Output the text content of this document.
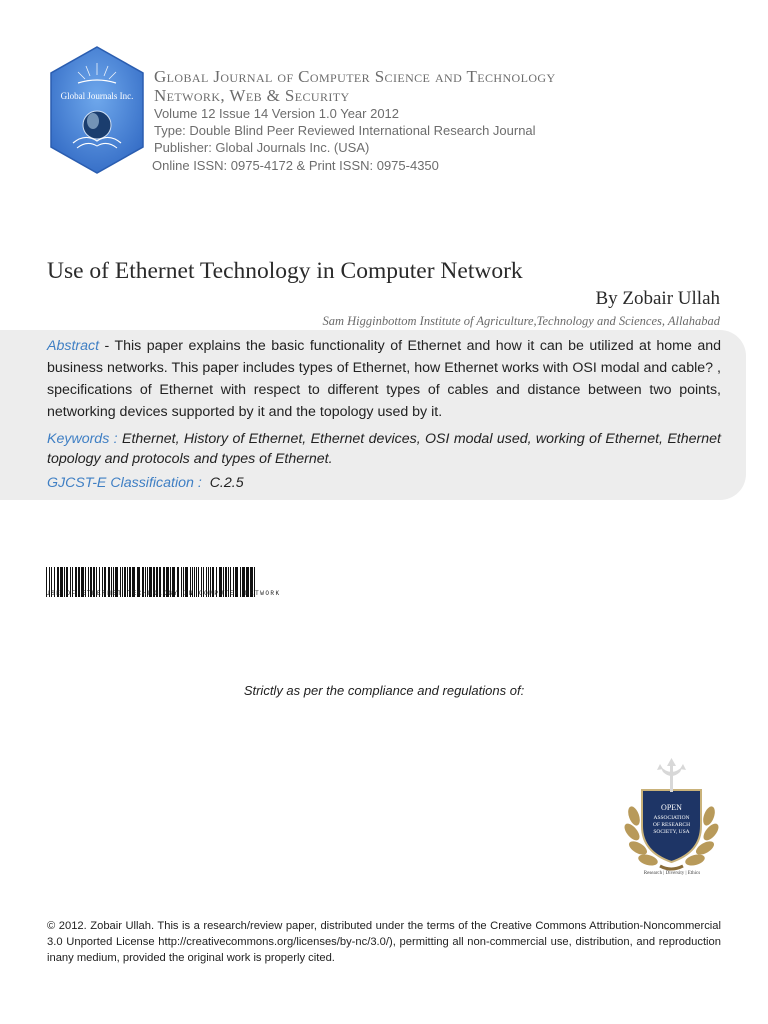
Global Journals Inc.
Global Journal of Computer Science and Technology
Network, Web & Security
Volume 12 Issue 14 Version 1.0 Year 2012
Type: Double Blind Peer Reviewed International Research Journal
Publisher: Global Journals Inc. (USA)
Online ISSN: 0975-4172 & Print ISSN: 0975-4350
Use of Ethernet Technology in Computer Network
By Zobair Ullah
Sam Higginbottom Institute of Agriculture,Technology and Sciences, Allahabad
Abstract - This paper explains the basic functionality of Ethernet and how it can be utilized at home and business networks. This paper includes types of Ethernet, how Ethernet works with OSI modal and cable? , specifications of Ethernet with respect to different types of cables and distance between two points, networking devices supported by it and the topology used by it.
Keywords : Ethernet, History of Ethernet, Ethernet devices, OSI modal used, working of Ethernet, Ethernet topology and protocols and types of Ethernet.
GJCST-E Classification : C.2.5
USE OF ETHERNET TECHNOLOGY IN COMPUTER NETWORK
Strictly as per the compliance and regulations of:
OPEN
ASSOCIATION
OF RESEARCH
SOCIETY, USA
Research | Diversity | Ethics
© 2012. Zobair Ullah. This is a research/review paper, distributed under the terms of the Creative Commons Attribution-Noncommercial 3.0 Unported License http://creativecommons.org/licenses/by-nc/3.0/), permitting all non-commercial use, distribution, and reproduction inany medium, provided the original work is properly cited.
